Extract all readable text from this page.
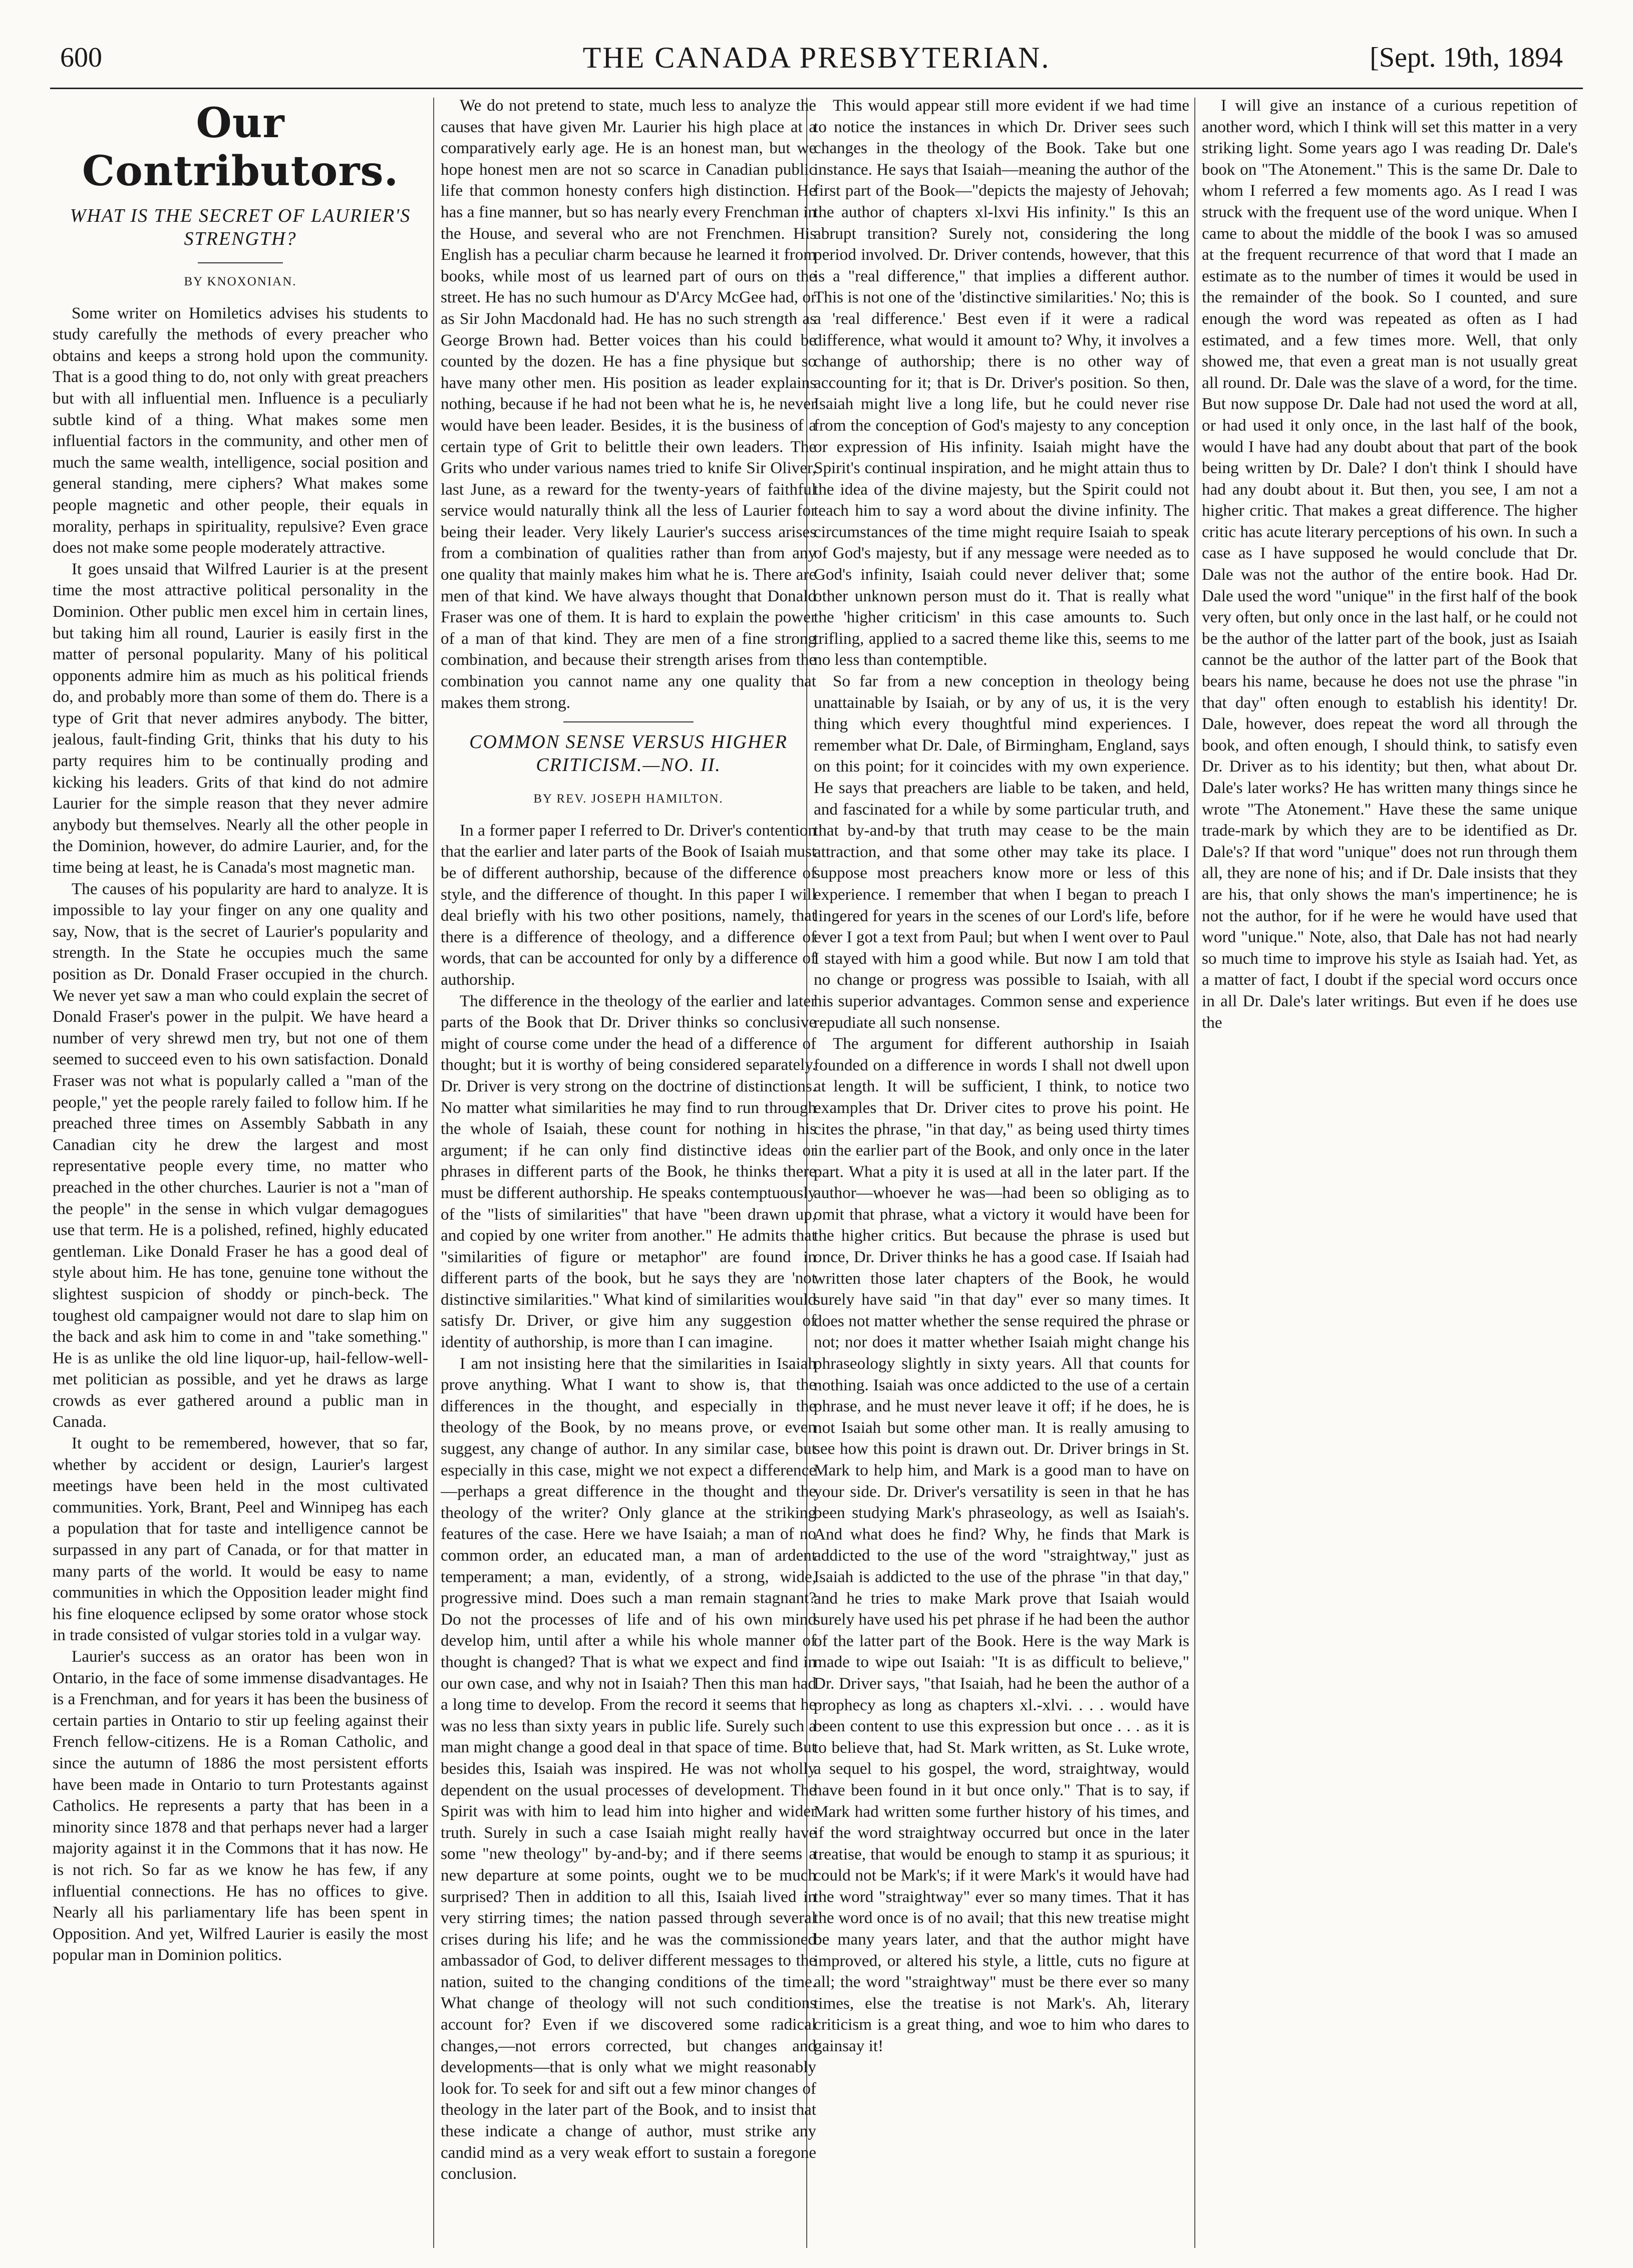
600	THE CANADA PRESBYTERIAN.	[Sept. 19th, 1894
Our Contributors.
WHAT IS THE SECRET OF LAURIER'S STRENGTH?
BY KNOXONIAN.

Some writer on Homiletics advises his students to study carefully the methods of every preacher who obtains and keeps a strong hold upon the community. That is a good thing to do, not only with great preachers but with all influential men. Influence is a peculiarly subtle kind of a thing. What makes some men influential factors in the community, and other men of much the same wealth, intelligence, social position and general standing, mere ciphers? What makes some people magnetic and other people, their equals in morality, perhaps in spirituality, repulsive? Even grace does not make some people moderately attractive.

It goes unsaid that Wilfred Laurier is at the present time the most attractive political personality in the Dominion. Other public men excel him in certain lines, but taking him all round, Laurier is easily first in the matter of personal popularity. Many of his political opponents admire him as much as his political friends do, and probably more than some of them do. There is a type of Grit that never admires anybody. The bitter, jealous, fault-finding Grit, thinks that his duty to his party requires him to be continually proding and kicking his leaders. Grits of that kind do not admire Laurier for the simple reason that they never admire anybody but themselves. Nearly all the other people in the Dominion, however, do admire Laurier, and, for the time being at least, he is Canada's most magnetic man.

The causes of his popularity are hard to analyze. It is impossible to lay your finger on any one quality and say, Now, that is the secret of Laurier's popularity and strength. In the State he occupies much the same position as Dr. Donald Fraser occupied in the church. We never yet saw a man who could explain the secret of Donald Fraser's power in the pulpit. We have heard a number of very shrewd men try, but not one of them seemed to succeed even to his own satisfaction. Donald Fraser was not what is popularly called a "man of the people," yet the people rarely failed to follow him. If he preached three times on Assembly Sabbath in any Canadian city he drew the largest and most representative people every time, no matter who preached in the other churches. Laurier is not a "man of the people" in the sense in which vulgar demagogues use that term. He is a polished, refined, highly educated gentleman. Like Donald Fraser he has a good deal of style about him. He has tone, genuine tone without the slightest suspicion of shoddy or pinch-beck. The toughest old campaigner would not dare to slap him on the back and ask him to come in and "take something." He is as unlike the old line liquor-up, hail-fellow-well-met politician as possible, and yet he draws as large crowds as ever gathered around a public man in Canada.

It ought to be remembered, however, that so far, whether by accident or design, Laurier's largest meetings have been held in the most cultivated communities. York, Brant, Peel and Winnipeg has each a population that for taste and intelligence cannot be surpassed in any part of Canada, or for that matter in many parts of the world. It would be easy to name communities in which the Opposition leader might find his fine eloquence eclipsed by some orator whose stock in trade consisted of vulgar stories told in a vulgar way.

Laurier's success as an orator has been won in Ontario, in the face of some immense disadvantages. He is a Frenchman, and for years it has been the business of certain parties in Ontario to stir up feeling against their French fellow-citizens. He is a Roman Catholic, and since the autumn of 1886 the most persistent efforts have been made in Ontario to turn Protestants against Catholics. He represents a party that has been in a minority since 1878 and that perhaps never had a larger majority against it in the Commons that it has now. He is not rich. So far as we know he has few, if any influential connections. He has no offices to give. Nearly all his parliamentary life has been spent in Opposition. And yet, Wilfred Laurier is easily the most popular man in Dominion politics.

We do not pretend to state, much less to analyze the causes that have given Mr. Laurier his high place at a comparatively early age. He is an honest man, but we hope honest men are not so scarce in Canadian public life that common honesty confers high distinction. He has a fine manner, but so has nearly every Frenchman in the House, and several who are not Frenchmen. His English has a peculiar charm because he learned it from books, while most of us learned part of ours on the street. He has no such humour as D'Arcy McGee had, or as Sir John Macdonald had. He has no such strength as George Brown had. Better voices than his could be counted by the dozen. He has a fine physique but so have many other men. His position as leader explains nothing, because if he had not been what he is, he never would have been leader. Besides, it is the business of a certain type of Grit to belittle their own leaders. The Grits who under various names tried to knife Sir Oliver, last June, as a reward for the twenty-years of faithful service would naturally think all the less of Laurier for being their leader. Very likely Laurier's success arises from a combination of qualities rather than from any one quality that mainly makes him what he is. There are men of that kind. We have always thought that Donald Fraser was one of them. It is hard to explain the power of a man of that kind. They are men of a fine strong combination, and because their strength arises from the combination you cannot name any one quality that makes them strong.

COMMON SENSE VERSUS HIGHER CRITICISM.—NO. II.
BY REV. JOSEPH HAMILTON.

In a former paper I referred to Dr. Driver's contention that the earlier and later parts of the Book of Isaiah must be of different authorship, because of the difference of style, and the difference of thought. In this paper I will deal briefly with his two other positions, namely, that there is a difference of theology, and a difference of words, that can be accounted for only by a difference of authorship.

The difference in the theology of the earlier and later parts of the Book that Dr. Driver thinks so conclusive might of course come under the head of a difference of thought; but it is worthy of being considered separately. Dr. Driver is very strong on the doctrine of distinctions. No matter what similarities he may find to run through the whole of Isaiah, these count for nothing in his argument; if he can only find distinctive ideas or phrases in different parts of the Book, he thinks there must be different authorship. He speaks contemptuously of the "lists of similarities" that have "been drawn up, and copied by one writer from another." He admits that "similarities of figure or metaphor" are found in different parts of the book, but he says they are 'not distinctive similarities." What kind of similarities would satisfy Dr. Driver, or give him any suggestion of identity of authorship, is more than I can imagine.

I am not insisting here that the similarities in Isaiah prove anything. What I want to show is, that the differences in the thought, and especially in the theology of the Book, by no means prove, or even suggest, any change of author. In any similar case, but especially in this case, might we not expect a difference—perhaps a great difference in the thought and the theology of the writer? Only glance at the striking features of the case. Here we have Isaiah; a man of no common order, an educated man, a man of ardent temperament; a man, evidently, of a strong, wide, progressive mind. Does such a man remain stagnant? Do not the processes of life and of his own mind develop him, until after a while his whole manner of thought is changed? That is what we expect and find in our own case, and why not in Isaiah? Then this man had a long time to develop. From the record it seems that he was no less than sixty years in public life. Surely such a man might change a good deal in that space of time. But besides this, Isaiah was inspired. He was not wholly dependent on the usual processes of development. The Spirit was with him to lead him into higher and wider truth. Surely in such a case Isaiah might really have some "new theology" by-and-by; and if there seems a new departure at some points, ought we to be much surprised? Then in addition to all this, Isaiah lived in very stirring times; the nation passed through several crises during his life; and he was the commissioned ambassador of God, to deliver different messages to the nation, suited to the changing conditions of the time. What change of theology will not such conditions account for? Even if we discovered some radical changes,—not errors corrected, but changes and developments—that is only what we might reasonably look for. To seek for and sift out a few minor changes of theology in the later part of the Book, and to insist that these indicate a change of author, must strike any candid mind as a very weak effort to sustain a foregone conclusion.

This would appear still more evident if we had time to notice the instances in which Dr. Driver sees such changes in the theology of the Book. Take but one instance. He says that Isaiah—meaning the author of the first part of the Book—"depicts the majesty of Jehovah; the author of chapters xl-lxvi His infinity." Is this an abrupt transition? Surely not, considering the long period involved. Dr. Driver contends, however, that this is a "real difference," that implies a different author. This is not one of the 'distinctive similarities.' No; this is a 'real difference.' Best even if it were a radical difference, what would it amount to? Why, it involves a change of authorship; there is no other way of accounting for it; that is Dr. Driver's position. So then, Isaiah might live a long life, but he could never rise from the conception of God's majesty to any conception or expression of His infinity. Isaiah might have the Spirit's continual inspiration, and he might attain thus to the idea of the divine majesty, but the Spirit could not teach him to say a word about the divine infinity. The circumstances of the time might require Isaiah to speak of God's majesty, but if any message were needed as to God's infinity, Isaiah could never deliver that; some other unknown person must do it. That is really what the 'higher criticism' in this case amounts to. Such trifling, applied to a sacred theme like this, seems to me no less than contemptible.

So far from a new conception in theology being unattainable by Isaiah, or by any of us, it is the very thing which every thoughtful mind experiences. I remember what Dr. Dale, of Birmingham, England, says on this point; for it coincides with my own experience. He says that preachers are liable to be taken, and held, and fascinated for a while by some particular truth, and that by-and-by that truth may cease to be the main attraction, and that some other may take its place. I suppose most preachers know more or less of this experience. I remember that when I began to preach I lingered for years in the scenes of our Lord's life, before ever I got a text from Paul; but when I went over to Paul I stayed with him a good while. But now I am told that no change or progress was possible to Isaiah, with all his superior advantages. Common sense and experience repudiate all such nonsense.

The argument for different authorship in Isaiah founded on a difference in words I shall not dwell upon at length. It will be sufficient, I think, to notice two examples that Dr. Driver cites to prove his point. He cites the phrase, "in that day," as being used thirty times in the earlier part of the Book, and only once in the later part. What a pity it is used at all in the later part. If the author—whoever he was—had been so obliging as to omit that phrase, what a victory it would have been for the higher critics. But because the phrase is used but once, Dr. Driver thinks he has a good case. If Isaiah had written those later chapters of the Book, he would surely have said "in that day" ever so many times. It does not matter whether the sense required the phrase or not; nor does it matter whether Isaiah might change his phraseology slightly in sixty years. All that counts for nothing. Isaiah was once addicted to the use of a certain phrase, and he must never leave it off; if he does, he is not Isaiah but some other man. It is really amusing to see how this point is drawn out. Dr. Driver brings in St. Mark to help him, and Mark is a good man to have on your side. Dr. Driver's versatility is seen in that he has been studying Mark's phraseology, as well as Isaiah's. And what does he find? Why, he finds that Mark is addicted to the use of the word "straightway," just as Isaiah is addicted to the use of the phrase "in that day," and he tries to make Mark prove that Isaiah would surely have used his pet phrase if he had been the author of the latter part of the Book. Here is the way Mark is made to wipe out Isaiah: "It is as difficult to believe," Dr. Driver says, "that Isaiah, had he been the author of a prophecy as long as chapters xl.-xlvi. . . . would have been content to use this expression but once . . . as it is to believe that, had St. Mark written, as St. Luke wrote, a sequel to his gospel, the word, straightway, would have been found in it but once only." That is to say, if Mark had written some further history of his times, and if the word straightway occurred but once in the later treatise, that would be enough to stamp it as spurious; it could not be Mark's; if it were Mark's it would have had the word "straightway" ever so many times. That it has the word once is of no avail; that this new treatise might be many years later, and that the author might have improved, or altered his style, a little, cuts no figure at all; the word "straightway" must be there ever so many times, else the treatise is not Mark's. Ah, literary criticism is a great thing, and woe to him who dares to gainsay it!

I will give an instance of a curious repetition of another word, which I think will set this matter in a very striking light. Some years ago I was reading Dr. Dale's book on "The Atonement." This is the same Dr. Dale to whom I referred a few moments ago. As I read I was struck with the frequent use of the word unique. When I came to about the middle of the book I was so amused at the frequent recurrence of that word that I made an estimate as to the number of times it would be used in the remainder of the book. So I counted, and sure enough the word was repeated as often as I had estimated, and a few times more. Well, that only showed me, that even a great man is not usually great all round. Dr. Dale was the slave of a word, for the time. But now suppose Dr. Dale had not used the word at all, or had used it only once, in the last half of the book, would I have had any doubt about that part of the book being written by Dr. Dale? I don't think I should have had any doubt about it. But then, you see, I am not a higher critic. That makes a great difference. The higher critic has acute literary perceptions of his own. In such a case as I have supposed he would conclude that Dr. Dale was not the author of the entire book. Had Dr. Dale used the word "unique" in the first half of the book very often, but only once in the last half, or he could not be the author of the latter part of the book, just as Isaiah cannot be the author of the latter part of the Book that bears his name, because he does not use the phrase "in that day" often enough to establish his identity! Dr. Dale, however, does repeat the word all through the book, and often enough, I should think, to satisfy even Dr. Driver as to his identity; but then, what about Dr. Dale's later works? He has written many things since he wrote "The Atonement." Have these the same unique trade-mark by which they are to be identified as Dr. Dale's? If that word "unique" does not run through them all, they are none of his; and if Dr. Dale insists that they are his, that only shows the man's impertinence; he is not the author, for if he were he would have used that word "unique." Note, also, that Dale has not had nearly so much time to improve his style as Isaiah had. Yet, as a matter of fact, I doubt if the special word occurs once in all Dr. Dale's later writings. But even if he does use the
